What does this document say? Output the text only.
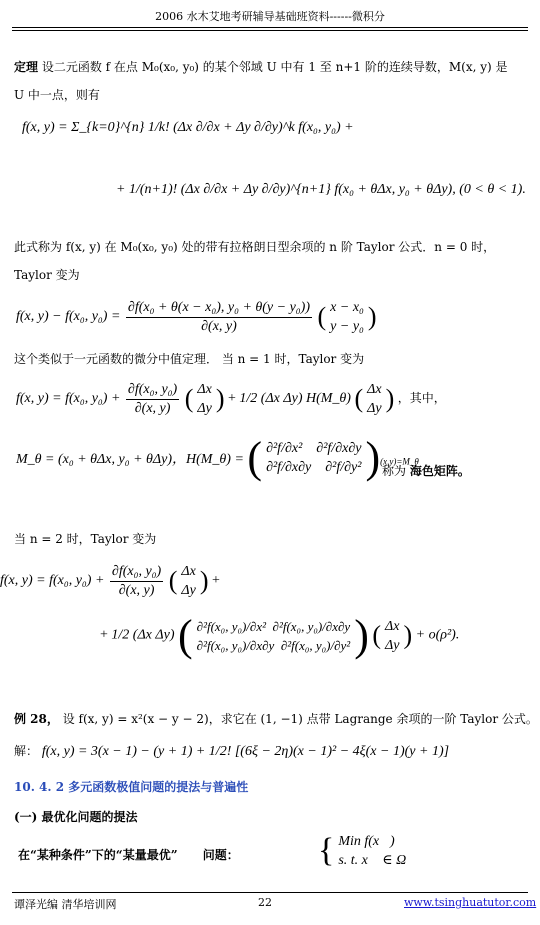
2006 水木艾地考研辅导基础班资料------微积分
定理 设二元函数 f 在点 M₀(x₀, y₀) 的某个邻域 U 中有 1 至 n+1 阶的连续导数，M(x, y) 是
U 中一点，则有
f(x, y) = Σ_{k=0}^{n} 1/k! (Δx ∂/∂x + Δy ∂/∂y)^k f(x₀, y₀) +
+ 1/(n+1)! (Δx ∂/∂x + Δy ∂/∂y)^{n+1} f(x₀ + θΔx, y₀ + θΔy), (0 < θ < 1).
此式称为 f(x, y) 在 M₀(x₀, y₀) 处的带有拉格朗日型余项的 n 阶 Taylor 公式．n = 0 时，
Taylor 变为
f(x, y) − f(x₀, $y_0) = \frac{\text{∂f(x₀ + θ(x − x₀), y₀ + θ(y − y₀))}}{\partial(x, y)}$ ( x − x₀
y − y₀ )
这个类似于一元函数的微分中值定理． 当 n = 1 时，Taylor 变为
f(x, y) = f(x₀, $y_0) + \frac{\text{∂f(x₀, y₀)}}{\partial(x, y)}$ ( Δx
Δy ) + 1/2 (Δx Δy) H(M_θ) ( Δx
Δy ) ，其中，
M_θ = (x₀ + θΔx, y₀ + θΔy)，H(M_θ) = ( ∂²f/∂x² ∂²f/∂x∂y
∂²f/∂x∂y ∂²f/∂y² )$_{(x,y)=M\_\theta}$
称为 海色矩阵。
当 n = 2 时，Taylor 变为
f(x, y) = f(x₀, $y_0) + \frac{\text{∂f(x₀, y₀)}}{\partial(x, y)}$ ( Δx
Δy ) +
+ 1/2 (Δx Δy) ( ∂²f(x₀, y₀)/∂x² ∂²f(x₀, y₀)/∂x∂y
∂²f(x₀, y₀)/∂x∂y ∂²f(x₀, y₀)/∂y² ) ( Δx
Δy ) + o(ρ²).
例 28， 设 f(x, y) = x²(x − y − 2)，求它在 (1, −1) 点带 Lagrange 余项的一阶 Taylor 公式。
解： f(x, y) = 3(x − 1) − (y + 1) + 1/2! [(6ξ − 2η)(x − 1)² − 4ξ(x − 1)(y + 1)]
10. 4. 2 多元函数极值问题的提法与普遍性
(一) 最优化问题的提法
在“某种条件”下的“某量最优” 问题： { Min f(x⃗)
s. t. x⃗ ∈ Ω
谭泽光编 清华培训网	22	www.tsinghuatutor.com
